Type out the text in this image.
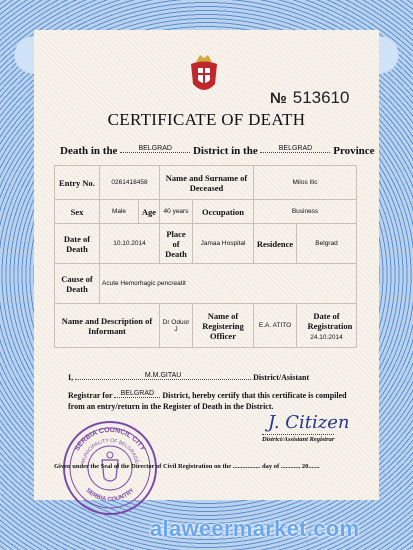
№ 513610
CERTIFICATE OF DEATH
Death in the	BELGRAD District in the	BELGRAD Province
Entry No.	0261418458		Name and Surname of Deceased		Milos Ilic	
Sex	Male	Age	40 years	Occupation	Business	
Date of Death	10.10.2014		Place of Death	Jamaa Hospital	Residence	Belgrad
Cause of Death	Acute Hemorhagic pencreatit					
Name and Description of Informant			Dr Oduor J	Name of Registering Officer	E.A. ATITO	Date of Registration 24.10.2014
I,	M.M.GITAU	District/Asistant
Registrar for BELGRAD District, hereby certify that this certificate is compiled
from an entry/return in the Register of Death in the District.
J. Citizen
District/Assistant Registrar
SERBIA COUNCIL CITY
MUNICIPALITY OF BELGRADE
SERBIA COUNTRY
Given under the Seal of the Director of Civil Registration on the ................. day of ..........., 20.......
alaweermarket.com
